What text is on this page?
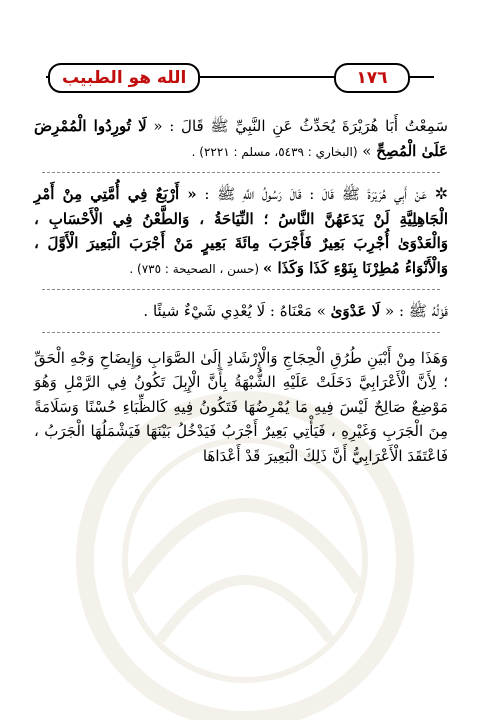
الله هو الطبيب	١٧٦

سَمِعْتُ أَبَا هُرَيْرَةَ يُحَدِّثُ عَنِ النَّبِيِّ ﷺ قَالَ : « لَا تُورِدُوا الْمُمْرِضَ عَلَىٰ الْمُصِحِّ » (البخاري : ٥٤٣٩، مسلم : ٢٢٢١) .

✲ عَنْ أَبِي هُرَيْرَةَ ﷺ قَالَ : قَالَ رَسُولُ اللَّهِ ﷺ : « أَرْبَعٌ فِي أُمَّتِي مِنْ أَمْرِ الْجَاهِلِيَّةِ لَنْ يَدَعَهُنَّ النَّاسُ ؛ النِّيَاحَةُ ، وَالطَّعْنُ فِي الْأَحْسَابِ ، وَالْعَدْوَىٰ أُجْرِبَ بَعِيرٌ فَأَجْرَبَ مِائَةَ بَعِيرٍ مَنْ أَجْرَبَ الْبَعِيرَ الْأَوَّلَ ، وَالْأَنْوَاءُ مُطِرْنَا بِنَوْءِ كَذَا وَكَذَا » (حسن ، الصحيحة : ٧٣٥) .

قَوْلُهُ ﷺ : « لَا عَدْوَىٰ » مَعْنَاهُ : لَا يُعْدِي شَيْءٌ شيئًا .

وَهَذَا مِنْ أَبْيَنِ طُرُقِ الْحِجَاجِ وَالْإِرْشَادِ إِلَىٰ الصَّوَابِ وَإِيضَاحِ وَجْهِ الْحَقِّ ؛ لِأَنَّ الْأَعْرَابِيَّ دَخَلَتْ عَلَيْهِ الشُّبْهَةُ بِأَنَّ الْإِبِلَ تَكُونُ فِي الرَّمْلِ وَهُوَ مَوْضِعٌ صَالِحٌ لَيْسَ فِيهِ مَا يُمْرِضُهَا فَتَكُونُ فِيهِ كَالظِّبَاءِ حُسْنًا وَسَلَامَةً مِنَ الْجَرَبِ وَغَيْرِهِ ، فَيَأْتِي بَعِيرٌ أَجْرَبُ فَيَدْخُلُ بَيْنَهَا فَيَشْمَلُهَا الْجَرَبُ ، فَاعْتَقَدَ الْأَعْرَابِيُّ أَنَّ ذَلِكَ الْبَعِيرَ قَدْ أَعْدَاهَا
